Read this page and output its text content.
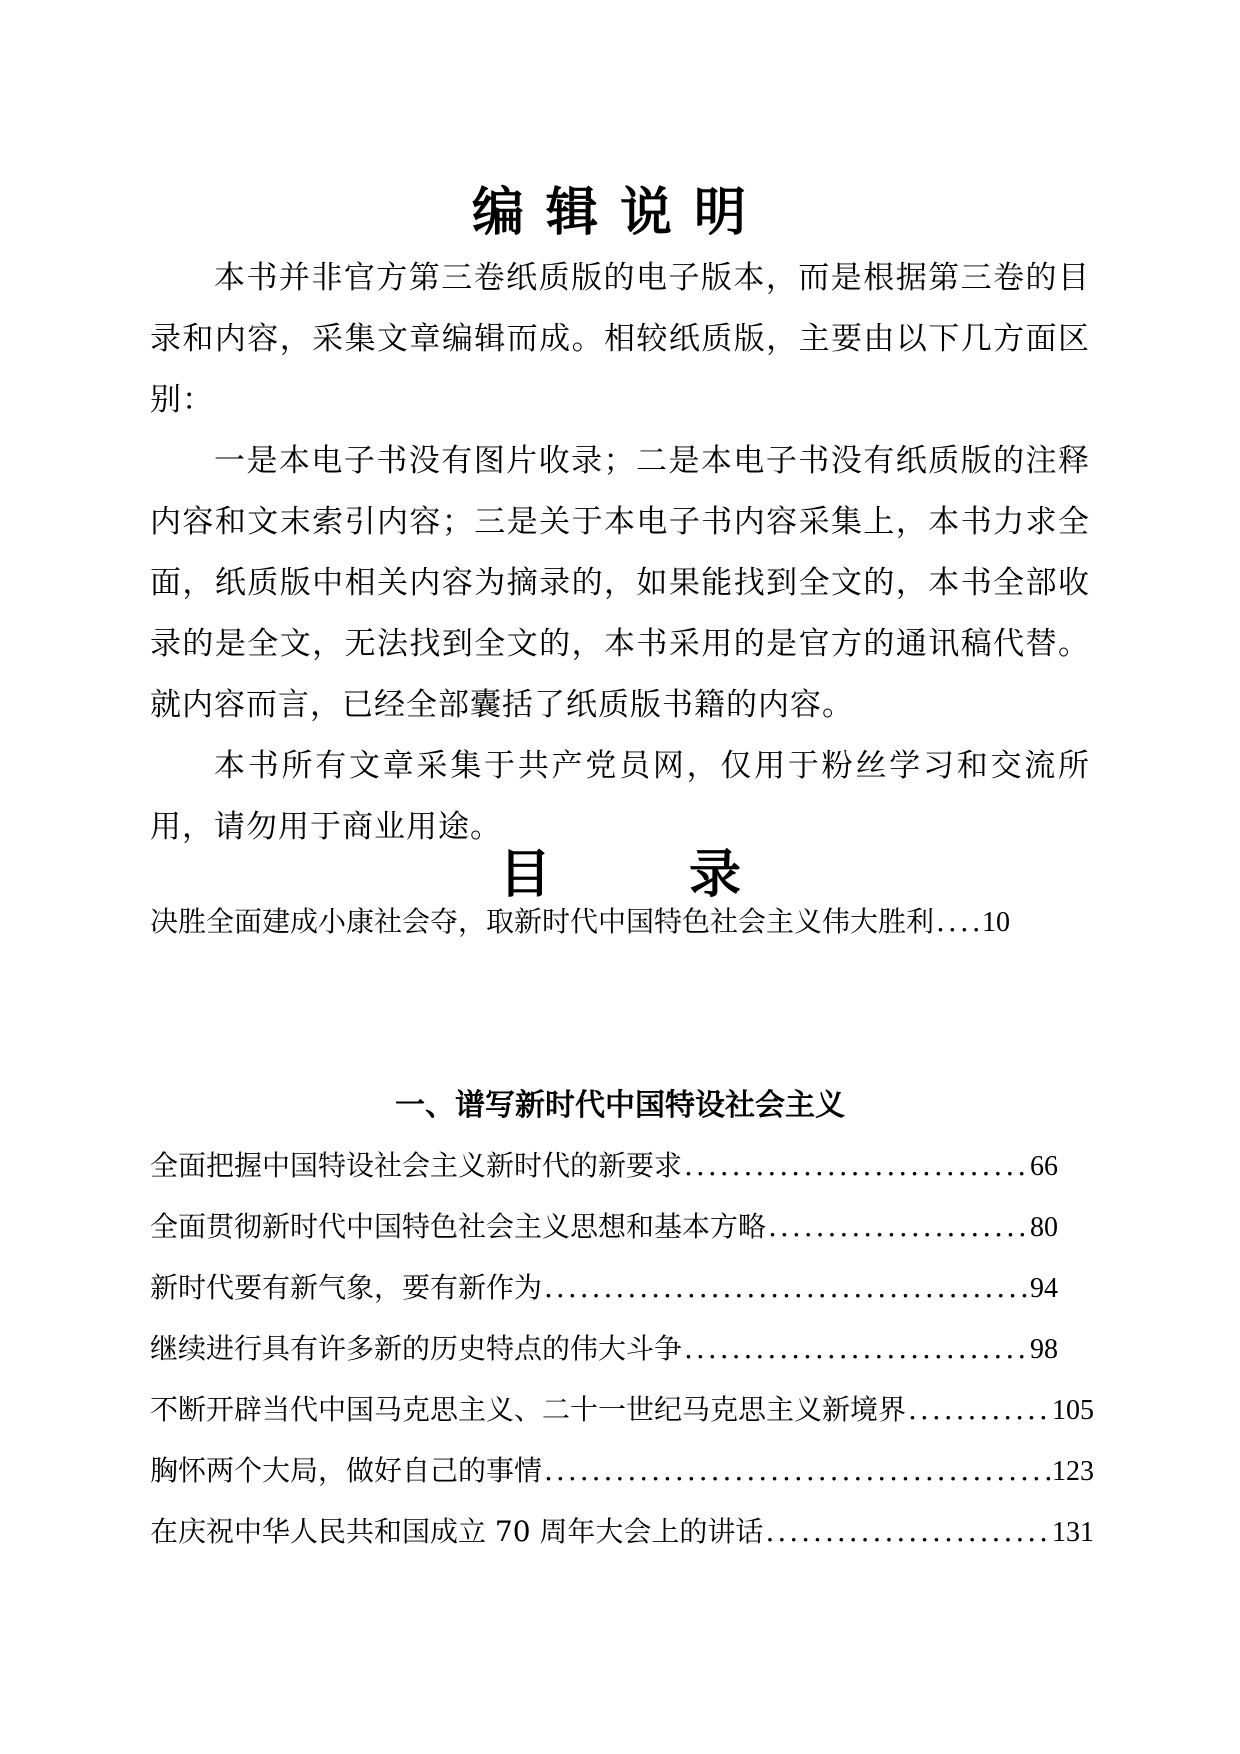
编辑说明

本书并非官方第三卷纸质版的电子版本，而是根据第三卷的目录和内容，采集文章编辑而成。相较纸质版，主要由以下几方面区别：

一是本电子书没有图片收录；二是本电子书没有纸质版的注释内容和文末索引内容；三是关于本电子书内容采集上，本书力求全面，纸质版中相关内容为摘录的，如果能找到全文的，本书全部收录的是全文，无法找到全文的，本书采用的是官方的通讯稿代替。就内容而言，已经全部囊括了纸质版书籍的内容。

本书所有文章采集于共产党员网，仅用于粉丝学习和交流所用，请勿用于商业用途。

目 录
决胜全面建成小康社会夺，取新时代中国特色社会主义伟大胜利 ..... 10
一、谱写新时代中国特设社会主义
全面把握中国特设社会主义新时代的新要求 .....	66
全面贯彻新时代中国特色社会主义思想和基本方略 .....	80
新时代要有新气象，要有新作为 .....	94
继续进行具有许多新的历史特点的伟大斗争 .....	98
不断开辟当代中国马克思主义、二十一世纪马克思主义新境界 .....	105
胸怀两个大局，做好自己的事情 .....	123
在庆祝中华人民共和国成立 70 周年大会上的讲话 .....	131
